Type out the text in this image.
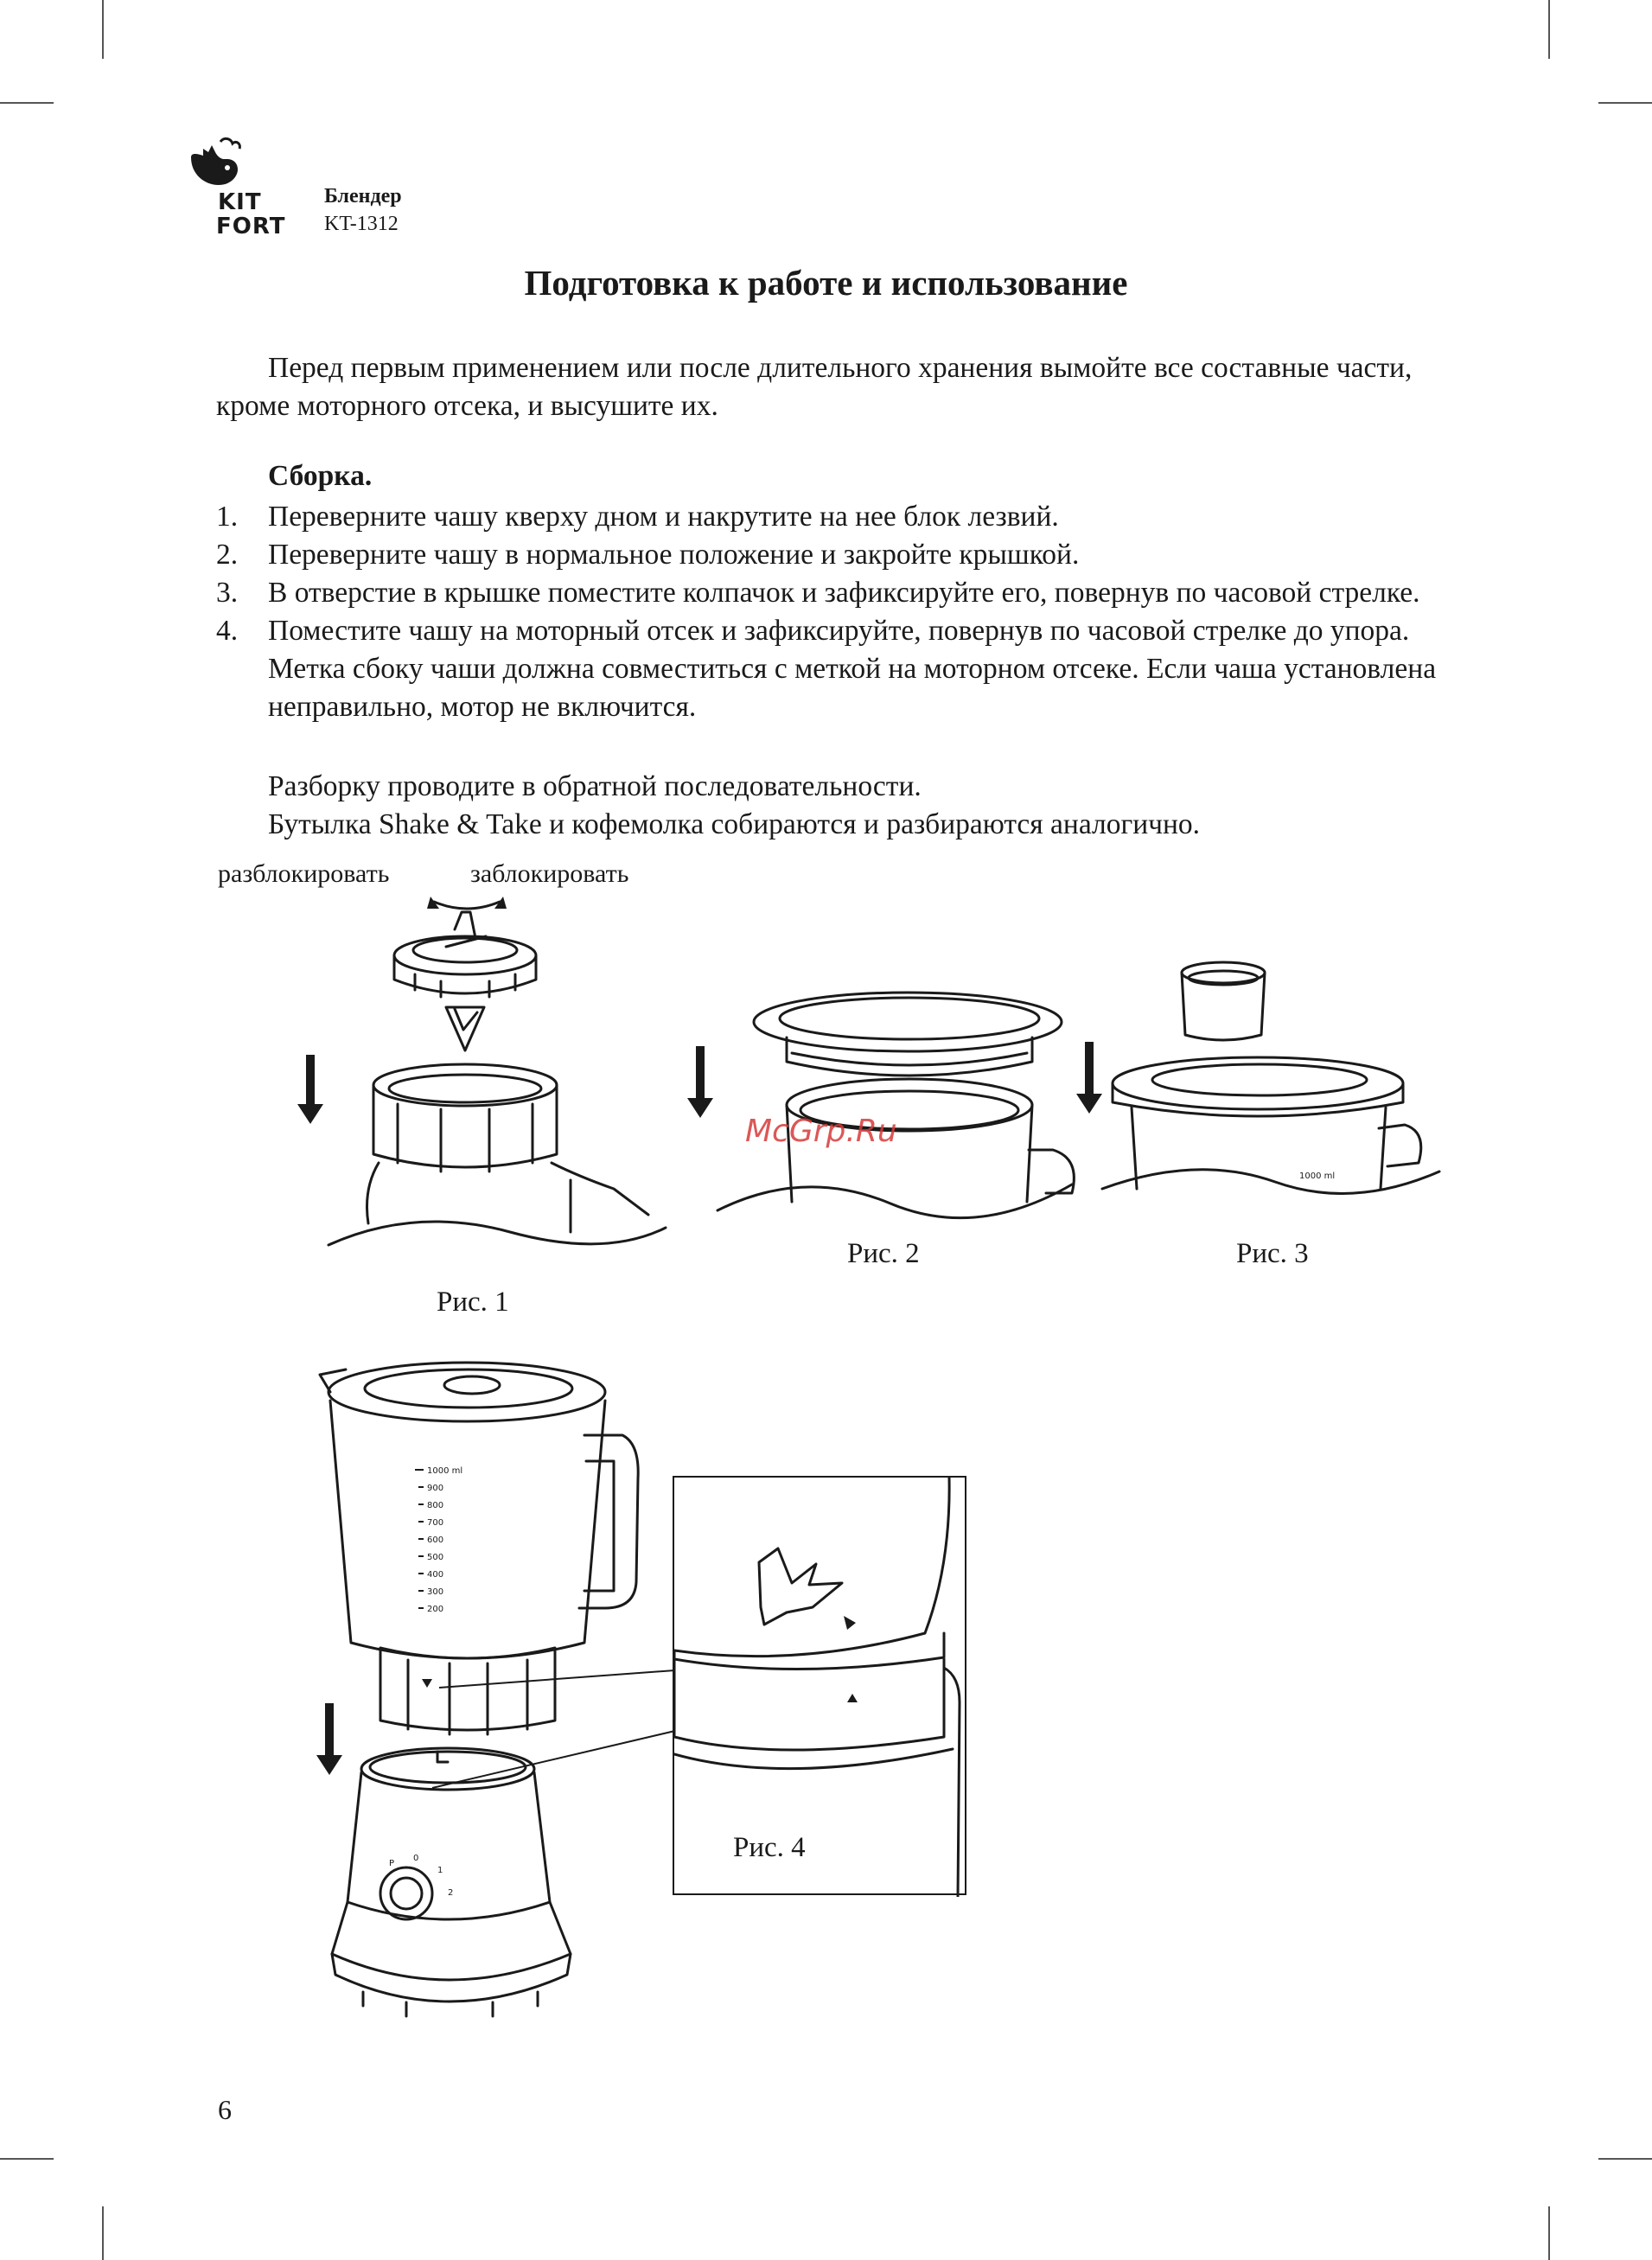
KIT
FORT
Блендер
KT-1312
Подготовка к работе и использование
Перед первым применением или после длительного хранения вымойте все составные части, кроме моторного отсека, и высушите их.
Сборка.
1. Переверните чашу кверху дном и накрутите на нее блок лезвий.
2. Переверните чашу в нормальное положение и закройте крышкой.
3. В отверстие в крышке поместите колпачок и зафиксируйте его, повернув по часовой стрелке.
4. Поместите чашу на моторный отсек и зафиксируйте, повернув по часовой стрелке до упора. Метка сбоку чаши должна совместиться с меткой на моторном отсеке. Если чаша установлена неправильно, мотор не включится.
Разборку проводите в обратной последовательности.
Бутылка Shake & Take и кофемолка собираются и разбираются аналогично.
разблокировать	заблокировать
Рис. 1
Рис. 2
1000 ml
Рис. 3
McGrp.Ru
1000 ml
900
800
700
600
500
400
300
200
P
0
1
2
Рис. 4
6
